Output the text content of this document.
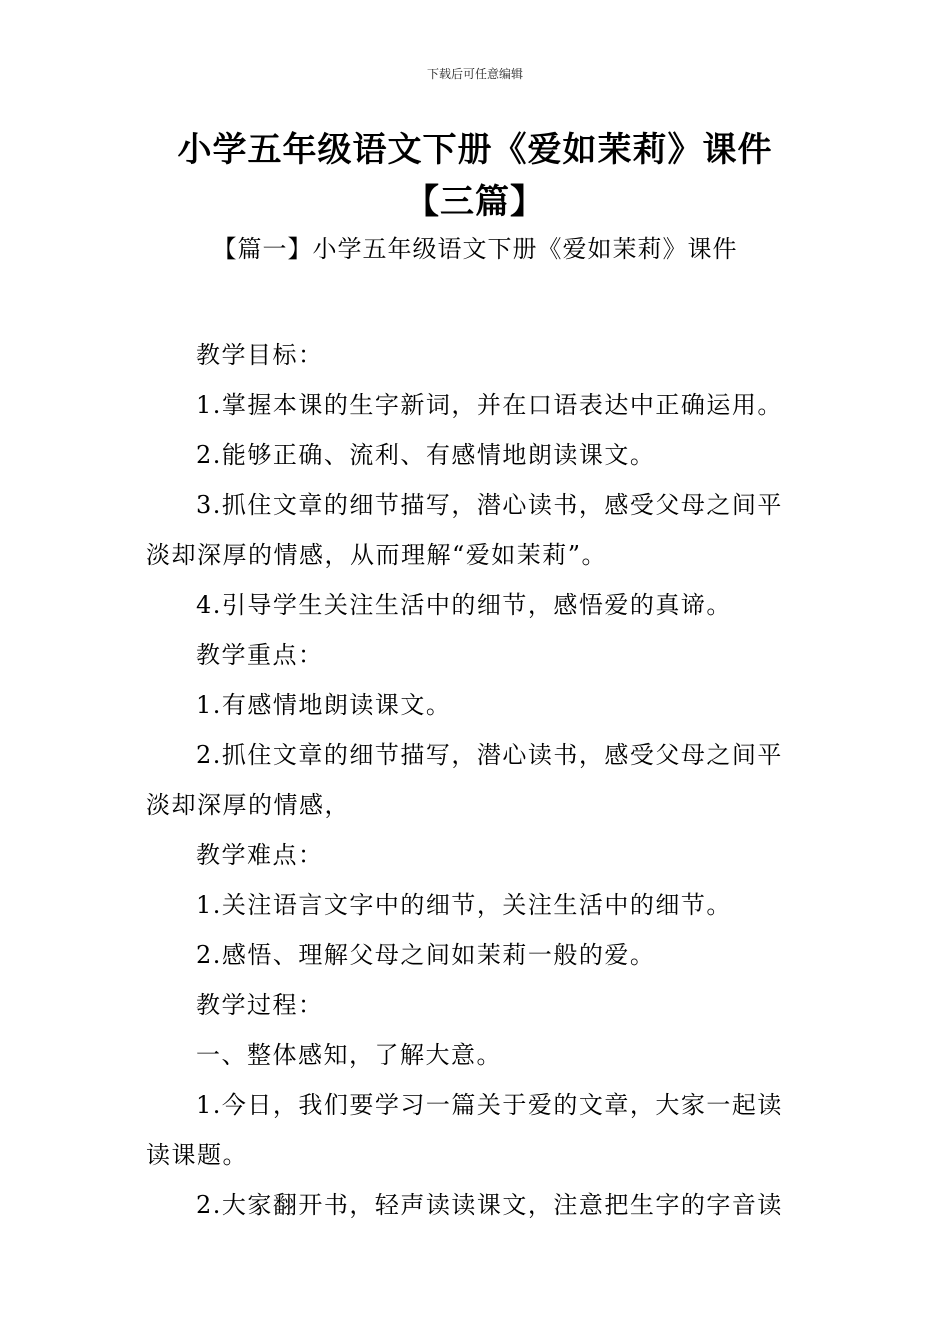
下载后可任意编辑
小学五年级语文下册《爱如茉莉》课件
【三篇】
【篇一】小学五年级语文下册《爱如茉莉》课件
教学目标：
1.掌握本课的生字新词，并在口语表达中正确运用。
2.能够正确、流利、有感情地朗读课文。
3.抓住文章的细节描写，潜心读书，感受父母之间平
淡却深厚的情感，从而理解“爱如茉莉”。
4.引导学生关注生活中的细节，感悟爱的真谛。
教学重点：
1.有感情地朗读课文。
2.抓住文章的细节描写，潜心读书，感受父母之间平
淡却深厚的情感，
教学难点：
1.关注语言文字中的细节，关注生活中的细节。
2.感悟、理解父母之间如茉莉一般的爱。
教学过程：
一、整体感知，了解大意。
1.今日，我们要学习一篇关于爱的文章，大家一起读
读课题。
2.大家翻开书，轻声读读课文，注意把生字的字音读
